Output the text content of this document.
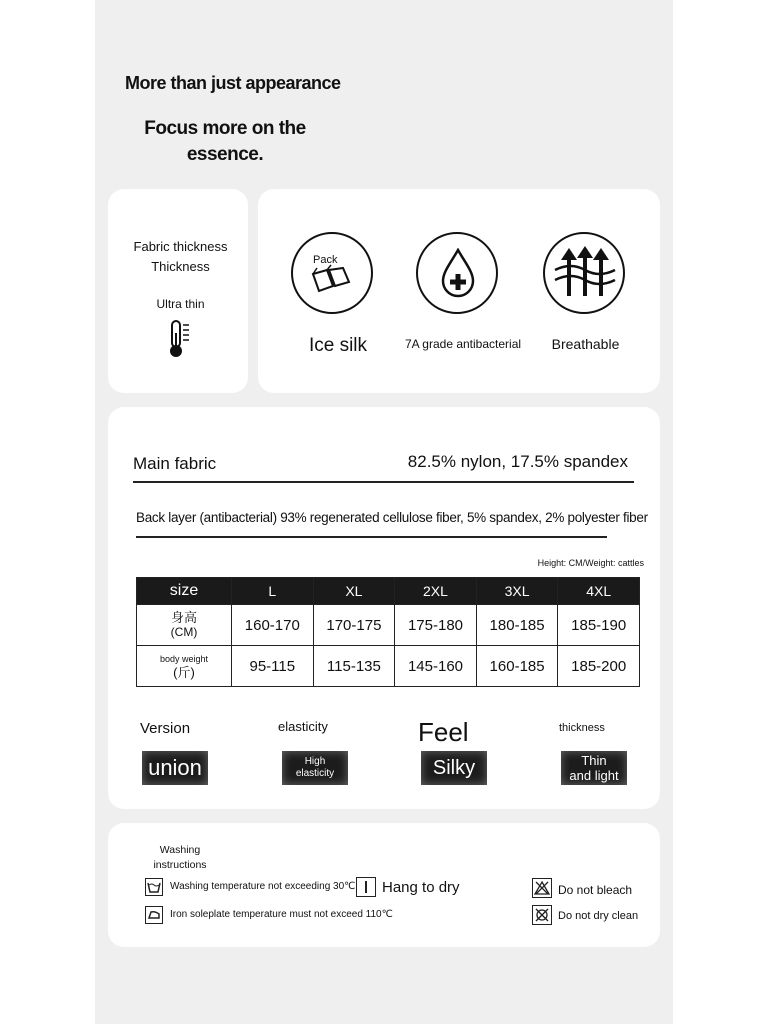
More than just appearance
Focus more on the essence.
Fabric thickness
Thickness
Ultra thin
Pack
Ice silk	7A grade antibacterial	Breathable
Main fabric	82.5% nylon, 17.5% spandex
Back layer (antibacterial) 93% regenerated cellulose fiber, 5% spandex, 2% polyester fiber
Height: CM/Weight: cattles
size	L	XL	2XL	3XL	4XL

身高
(CM)	160-170	170-175	175-180	180-185	185-190

body weight
(斤)	95-115	115-135	145-160	160-185	185-200
Version
union
elasticity
High elasticity
Feel
Silky
thickness
Thin and light
Washing
instructions
Washing temperature not exceeding 30℃
Iron soleplate temperature must not exceed 110℃
Hang to dry	Do not bleach
Do not dry clean
